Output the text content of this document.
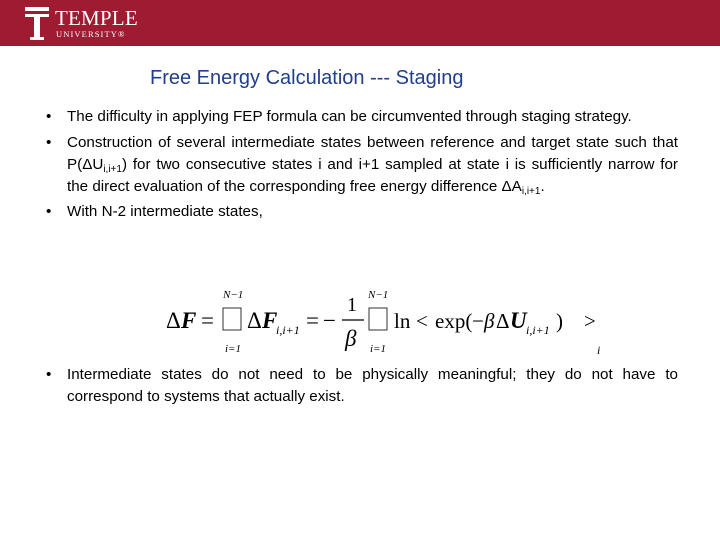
TEMPLE
UNIVERSITY®
Free Energy Calculation --- Staging
• The difficulty in applying FEP formula can be circumvented through staging strategy.
• Construction of several intermediate states between reference and target state such that $P(\Delta U_{i,i+1})$ for two consecutive states i and i+1 sampled at state i is sufficiently narrow for the direct evaluation of the corresponding free energy difference $\Delta A_{i,i+1}$.
• With N-2 intermediate states,
Δ F =
N−1
i=1
Δ F
i,i+1 = −
1
β
N−1
i=1
ln < exp( − β Δ U i,i+1 ) >
i
• Intermediate states do not need to be physically meaningful; they do not have to correspond to systems that actually exist.
